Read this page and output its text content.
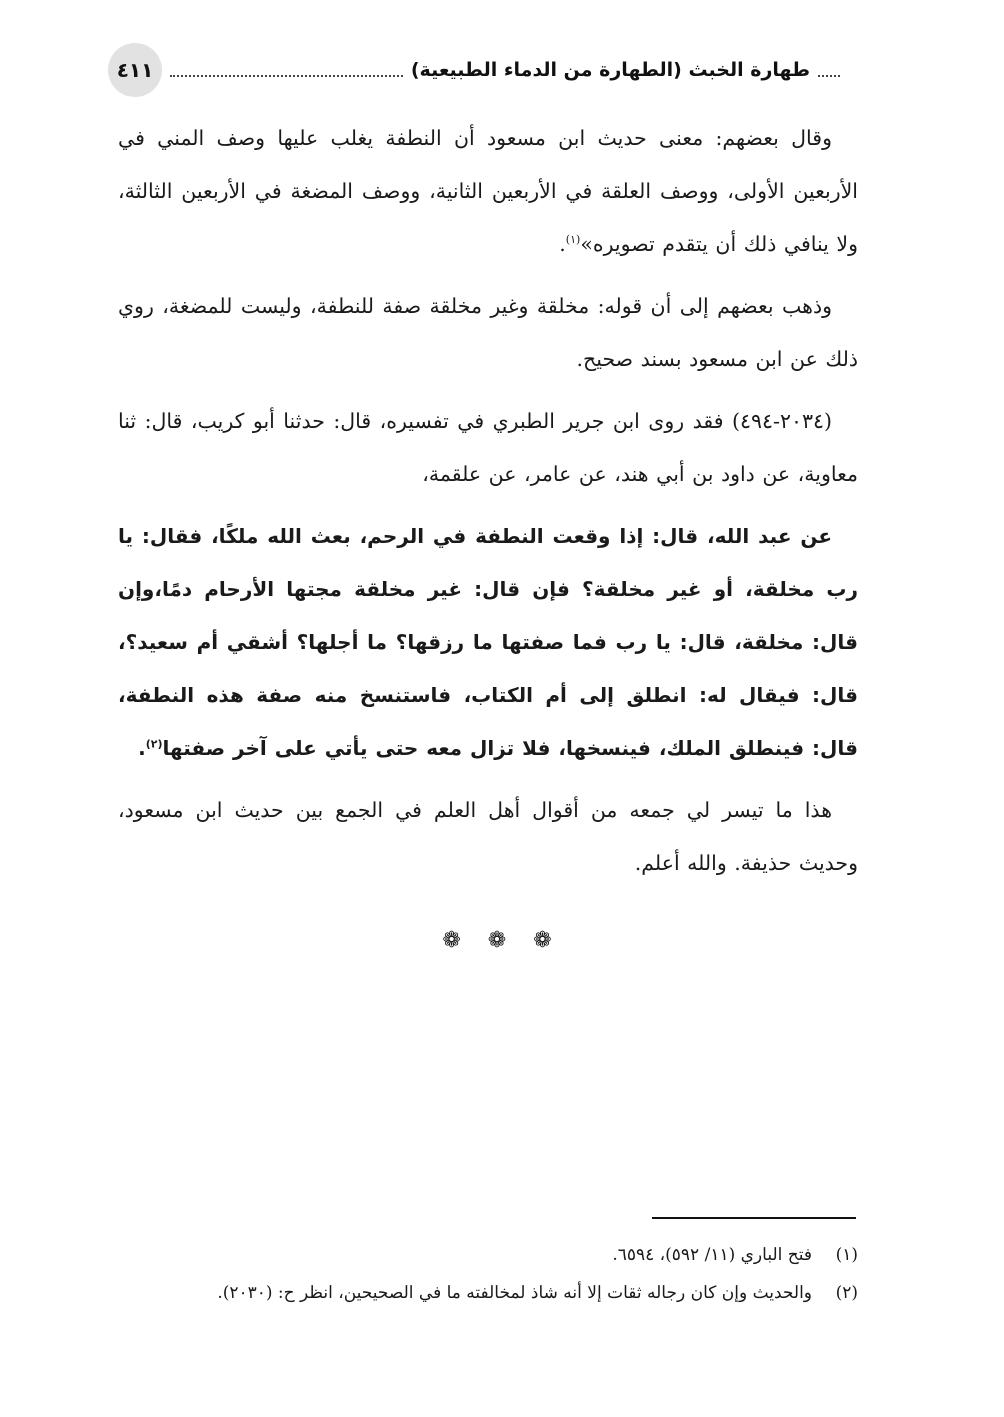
طهارة الخبث (الطهارة من الدماء الطبيعية)
٤١١

وقال بعضهم: معنى حديث ابن مسعود أن النطفة يغلب عليها وصف المني في الأربعين الأولى، ووصف العلقة في الأربعين الثانية، ووصف المضغة في الأربعين الثالثة، ولا ينافي ذلك أن يتقدم تصويره»$^{(١)}$.

وذهب بعضهم إلى أن قوله: مخلقة وغير مخلقة صفة للنطفة، وليست للمضغة، روي ذلك عن ابن مسعود بسند صحيح.

(٢٠٣٤-٤٩٤) فقد روى ابن جرير الطبري في تفسيره، قال: حدثنا أبو كريب، قال: ثنا معاوية، عن داود بن أبي هند، عن عامر، عن علقمة،

عن عبد الله، قال: إذا وقعت النطفة في الرحم، بعث الله ملكًا، فقال: يا رب مخلقة، أو غير مخلقة؟ فإن قال: غير مخلقة مجتها الأرحام دمًا،وإن قال: مخلقة، قال: يا رب فما صفتها ما رزقها؟ ما أجلها؟ أشقي أم سعيد؟، قال: فيقال له: انطلق إلى أم الكتاب، فاستنسخ منه صفة هذه النطفة، قال: فينطلق الملك، فينسخها، فلا تزال معه حتى يأتي على آخر صفتها$^{(٢)}$.

هذا ما تيسر لي جمعه من أقوال أهل العلم في الجمع بين حديث ابن مسعود، وحديث حذيفة. والله أعلم.

❁ ❁ ❁

(١)فتح الباري (١١/ ٥٩٢)، ٦٥٩٤.

(٢)والحديث وإن كان رجاله ثقات إلا أنه شاذ لمخالفته ما في الصحيحين، انظر ح: (٢٠٣٠).
